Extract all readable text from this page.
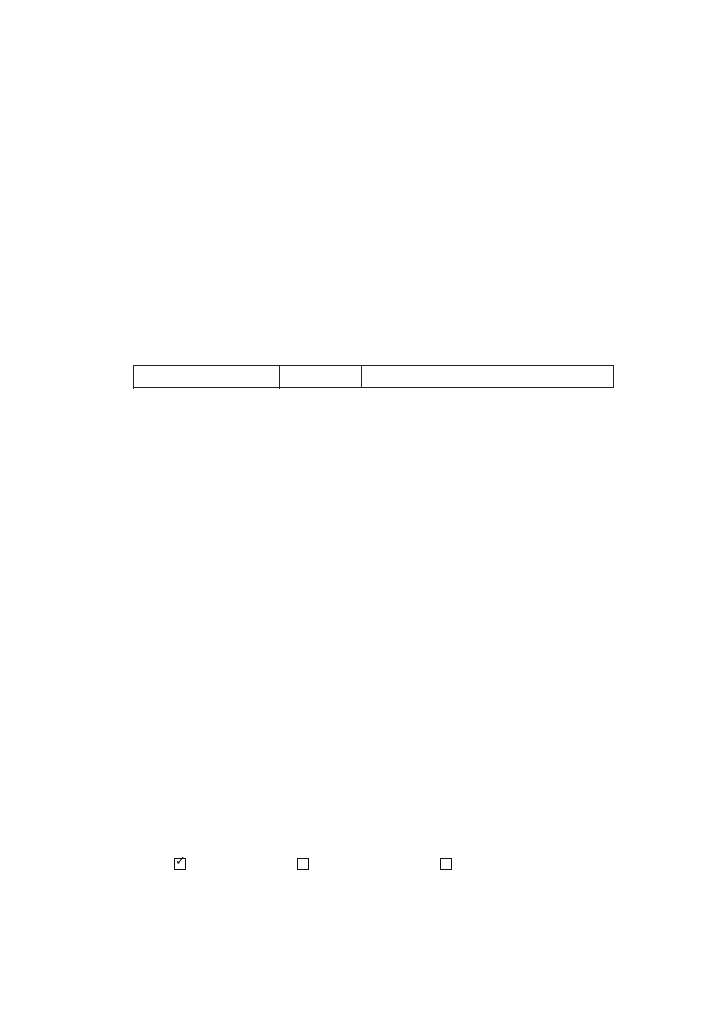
✓
